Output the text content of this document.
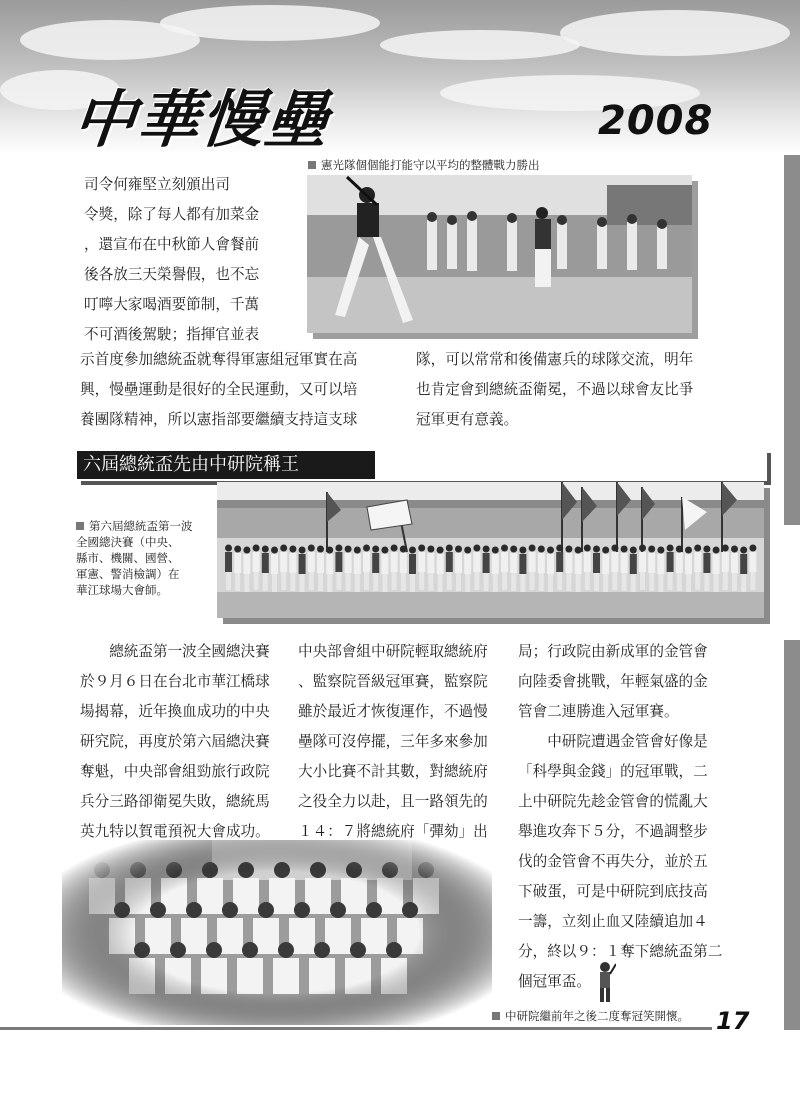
中華慢壘	2008
憲光隊個個能打能守以平均的整體戰力勝出
司令何雍堅立刻頒出司
令獎，除了每人都有加菜金
，還宣布在中秋節人會餐前
後各放三天榮譽假，也不忘
叮嚀大家喝酒要節制，千萬
不可酒後駕駛；指揮官並表
示首度參加總統盃就奪得軍憲組冠軍實在高
興，慢壘運動是很好的全民運動，又可以培
養團隊精神，所以憲指部要繼續支持這支球
隊，可以常常和後備憲兵的球隊交流，明年
也肯定會到總統盃衛冕，不過以球會友比爭
冠軍更有意義。
六屆總統盃先由中研院稱王

第六屆總統盃第一波
全國總決賽（中央、
縣市、機關、國營、
軍憲、警消檢調）在
華江球場大會師。

　　總統盃第一波全國總決賽
於９月６日在台北市華江橋球
場揭幕，近年換血成功的中央
研究院，再度於第六屆總決賽
奪魁，中央部會組勁旅行政院
兵分三路卻衛冕失敗，總統馬
英九特以賀電預祝大會成功。
中央部會組中研院輕取總統府
、監察院晉級冠軍賽，監察院
雖於最近才恢復運作，不過慢
壘隊可沒停擺，三年多來參加
大小比賽不計其數，對總統府
之役全力以赴，且一路領先的
１４：７將總統府「彈劾」出
局；行政院由新成軍的金管會
向陸委會挑戰，年輕氣盛的金
管會二連勝進入冠軍賽。
　　中研院遭遇金管會好像是
「科學與金錢」的冠軍戰，二
上中研院先趁金管會的慌亂大
舉進攻奔下５分，不過調整步
伐的金管會不再失分，並於五
下破蛋，可是中研院到底技高
一籌，立刻止血又陸續追加４
分，終以９：１奪下總統盃第二
個冠軍盃。
中研院繼前年之後二度奪冠笑開懷。	17
